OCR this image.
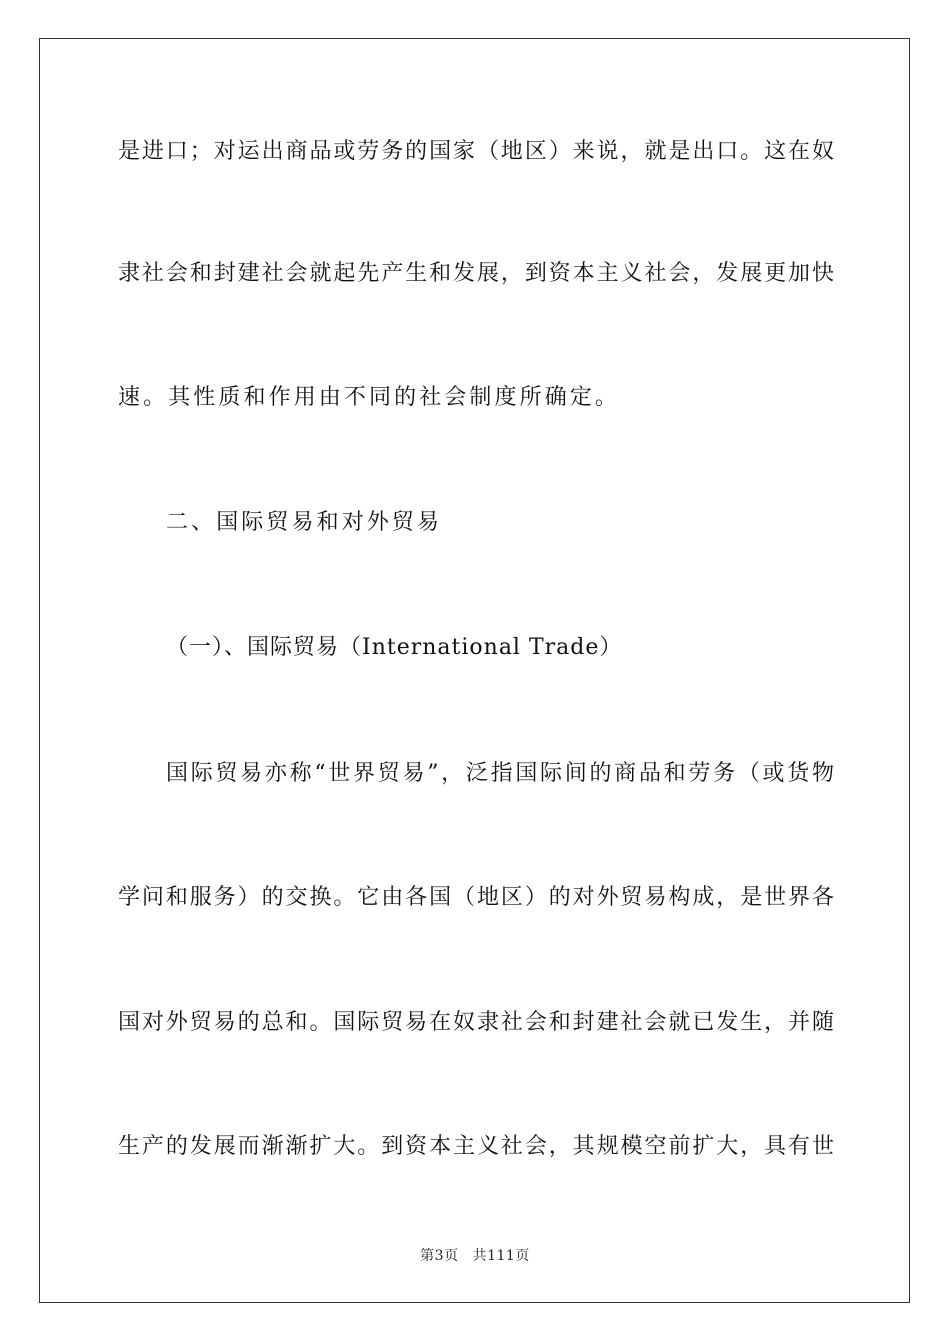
是进口；对运出商品或劳务的国家（地区）来说，就是出口。这在奴
隶社会和封建社会就起先产生和发展，到资本主义社会，发展更加快
速。其性质和作用由不同的社会制度所确定。
二、国际贸易和对外贸易
（一）、国际贸易（International Trade）
国际贸易亦称“世界贸易”，泛指国际间的商品和劳务（或货物
学问和服务）的交换。它由各国（地区）的对外贸易构成，是世界各
国对外贸易的总和。国际贸易在奴隶社会和封建社会就已发生，并随
生产的发展而渐渐扩大。到资本主义社会，其规模空前扩大，具有世
第3页 共111页
